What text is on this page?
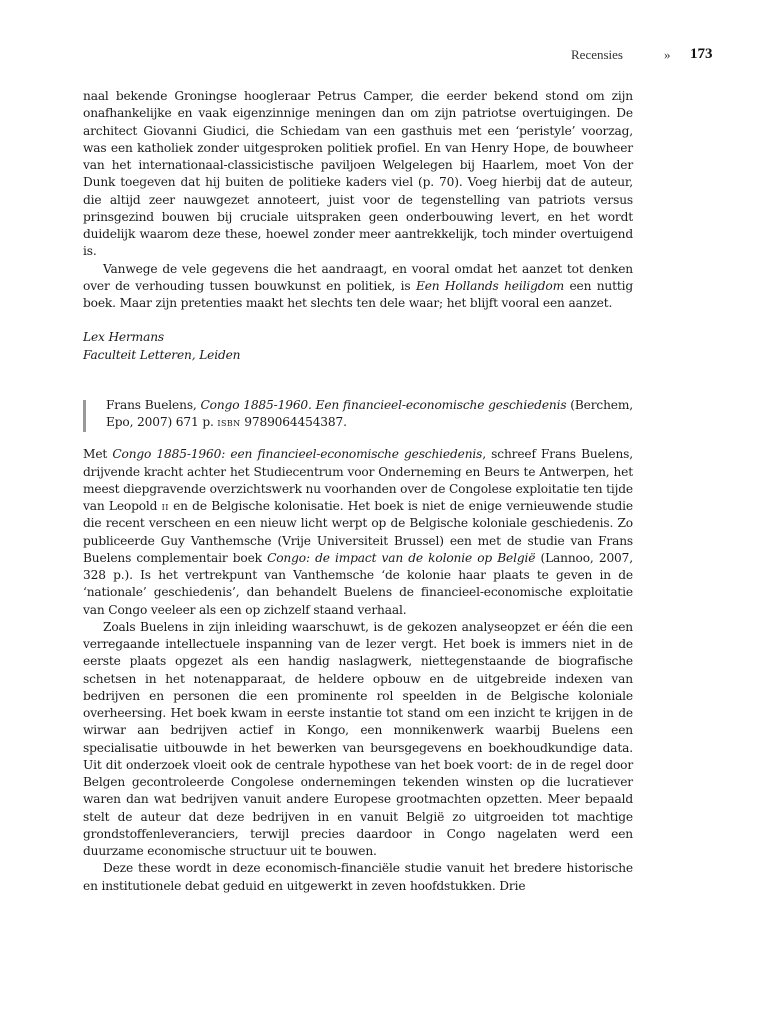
Recensies	» 173

naal bekende Groningse hoogleraar Petrus Camper, die eerder bekend stond om zijn onafhankelijke en vaak eigenzinnige meningen dan om zijn patriotse overtuigingen. De architect Giovanni Giudici, die Schiedam van een gasthuis met een ‘peristyle’ voorzag, was een katholiek zonder uitgesproken politiek profiel. En van Henry Hope, de bouwheer van het internationaal-classicistische paviljoen Welgelegen bij Haarlem, moet Von der Dunk toegeven dat hij buiten de politieke kaders viel (p. 70). Voeg hierbij dat de auteur, die altijd zeer nauwgezet annoteert, juist voor de tegenstelling van patriots versus prinsgezind bouwen bij cruciale uitspraken geen onderbouwing levert, en het wordt duidelijk waarom deze these, hoewel zonder meer aantrekkelijk, toch minder overtuigend is.

Vanwege de vele gegevens die het aandraagt, en vooral omdat het aanzet tot denken over de verhouding tussen bouwkunst en politiek, is Een Hollands heiligdom een nuttig boek. Maar zijn pretenties maakt het slechts ten dele waar; het blijft vooral een aanzet.

Lex Hermans
Faculteit Letteren, Leiden

Frans Buelens, Congo 1885-1960. Een financieel-economische geschiedenis (Berchem, Epo, 2007) 671 p. isbn 9789064454387.

Met Congo 1885-1960: een financieel-economische geschiedenis, schreef Frans Buelens, drijvende kracht achter het Studiecentrum voor Onderneming en Beurs te Antwerpen, het meest diepgravende overzichtswerk nu voorhanden over de Congolese exploitatie ten tijde van Leopold ii en de Belgische kolonisatie. Het boek is niet de enige vernieuwende studie die recent verscheen en een nieuw licht werpt op de Belgische koloniale geschiedenis. Zo publiceerde Guy Vanthemsche (Vrije Universiteit Brussel) een met de studie van Frans Buelens complementair boek Congo: de impact van de kolonie op België (Lannoo, 2007, 328 p.). Is het vertrekpunt van Vanthemsche ‘de kolonie haar plaats te geven in de ‘nationale’ geschiedenis’, dan behandelt Buelens de financieel-economische exploitatie van Congo veeleer als een op zichzelf staand verhaal.

Zoals Buelens in zijn inleiding waarschuwt, is de gekozen analyseopzet er één die een verregaande intellectuele inspanning van de lezer vergt. Het boek is immers niet in de eerste plaats opgezet als een handig naslagwerk, niettegenstaande de biografische schetsen in het notenapparaat, de heldere opbouw en de uitgebreide indexen van bedrijven en personen die een prominente rol speelden in de Belgische koloniale overheersing. Het boek kwam in eerste instantie tot stand om een inzicht te krijgen in de wirwar aan bedrijven actief in Kongo, een monnikenwerk waarbij Buelens een specialisatie uitbouwde in het bewerken van beursgegevens en boekhoudkundige data. Uit dit onderzoek vloeit ook de centrale hypothese van het boek voort: de in de regel door Belgen gecontroleerde Congolese ondernemingen tekenden winsten op die lucratiever waren dan wat bedrijven vanuit andere Europese grootmachten opzetten. Meer bepaald stelt de auteur dat deze bedrijven in en vanuit België zo uitgroeiden tot machtige grondstoffenleveranciers, terwijl precies daardoor in Congo nagelaten werd een duurzame economische structuur uit te bouwen.

Deze these wordt in deze economisch-financiële studie vanuit het bredere historische en institutionele debat geduid en uitgewerkt in zeven hoofdstukken. Drie
